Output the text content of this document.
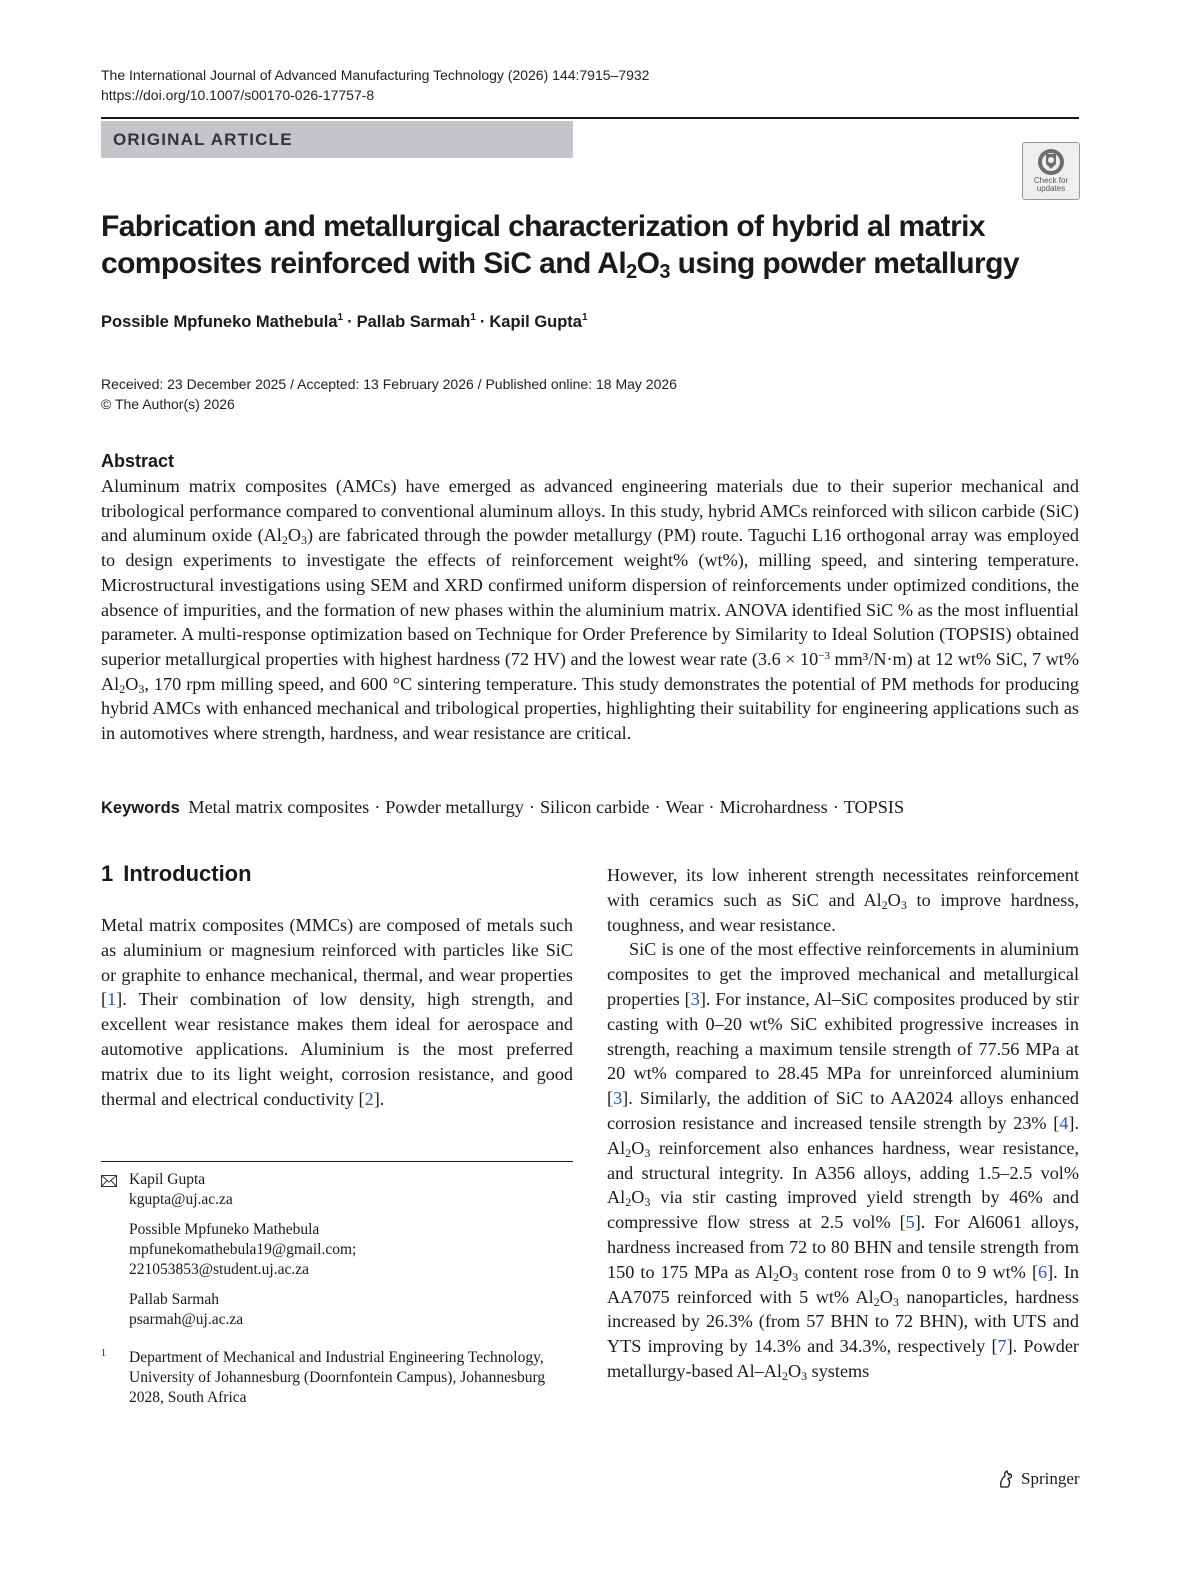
The International Journal of Advanced Manufacturing Technology (2026) 144:7915–7932
https://doi.org/10.1007/s00170-026-17757-8
ORIGINAL ARTICLE
Check for
updates
Fabrication and metallurgical characterization of hybrid al matrix
composites reinforced with SiC and $Al_2O_3$ using powder metallurgy
Possible Mpfuneko Mathebula$^1$ · Pallab Sarmah$^1$ · Kapil Gupta$^1$
Received: 23 December 2025 / Accepted: 13 February 2026 / Published online: 18 May 2026
© The Author(s) 2026
Abstract
Aluminum matrix composites (AMCs) have emerged as advanced engineering materials due to their superior mechanical and tribological performance compared to conventional aluminum alloys. In this study, hybrid AMCs reinforced with silicon carbide (SiC) and aluminum oxide $(Al_2O_3)$ are fabricated through the powder metallurgy (PM) route. Taguchi L16 orthogonal array was employed to design experiments to investigate the effects of reinforcement weight% (wt%), milling speed, and sintering temperature. Microstructural investigations using SEM and XRD confirmed uniform dispersion of reinforcements under optimized conditions, the absence of impurities, and the formation of new phases within the aluminium matrix. ANOVA identified SiC % as the most influential parameter. A multi-response optimization based on Technique for Order Preference by Similarity to Ideal Solution (TOPSIS) obtained superior metallurgical properties with highest hardness (72 HV) and the lowest wear rate ($3.6 \times 10^{-3}$ mm³/N·m) at 12 wt% SiC, 7 wt% $Al_2O_3$, 170 rpm milling speed, and 600 °C sintering temperature. This study demonstrates the potential of PM methods for producing hybrid AMCs with enhanced mechanical and tribological properties, highlighting their suitability for engineering applications such as in automotives where strength, hardness, and wear resistance are critical.
Keywords Metal matrix composites · Powder metallurgy · Silicon carbide · Wear · Microhardness · TOPSIS
1 Introduction

Metal matrix composites (MMCs) are composed of metals such as aluminium or magnesium reinforced with particles like SiC or graphite to enhance mechanical, thermal, and wear properties [1]. Their combination of low density, high strength, and excellent wear resistance makes them ideal for aerospace and automotive applications. Aluminium is the most preferred matrix due to its light weight, corrosion resistance, and good thermal and electrical conductivity [2].

However, its low inherent strength necessitates reinforcement with ceramics such as SiC and $Al_2O_3$ to improve hardness, toughness, and wear resistance.

SiC is one of the most effective reinforcements in aluminium composites to get the improved mechanical and metallurgical properties [3]. For instance, Al–SiC composites produced by stir casting with 0–20 wt% SiC exhibited progressive increases in strength, reaching a maximum tensile strength of 77.56 MPa at 20 wt% compared to 28.45 MPa for unreinforced aluminium [3]. Similarly, the addition of SiC to AA2024 alloys enhanced corrosion resistance and increased tensile strength by 23% [4]. $Al_2O_3$ reinforcement also enhances hardness, wear resistance, and structural integrity. In A356 alloys, adding 1.5–2.5 vol% $Al_2O_3$ via stir casting improved yield strength by 46% and compressive flow stress at 2.5 vol% [5]. For Al6061 alloys, hardness increased from 72 to 80 BHN and tensile strength from 150 to 175 MPa as $Al_2O_3$ content rose from 0 to 9 wt% [6]. In AA7075 reinforced with 5 wt% $Al_2O_3$ nanoparticles, hardness increased by 26.3% (from 57 BHN to 72 BHN), with UTS and YTS improving by 14.3% and 34.3%, respectively [7]. Powder metallurgy-based $Al-Al_2O_3$ systems

Kapil Gupta
kgupta@uj.ac.za
Possible Mpfuneko Mathebula
mpfunekomathebula19@gmail.com;
221053853@student.uj.ac.za
Pallab Sarmah
psarmah@uj.ac.za
1 Department of Mechanical and Industrial Engineering Technology, University of Johannesburg (Doornfontein Campus), Johannesburg 2028, South Africa
Springer
